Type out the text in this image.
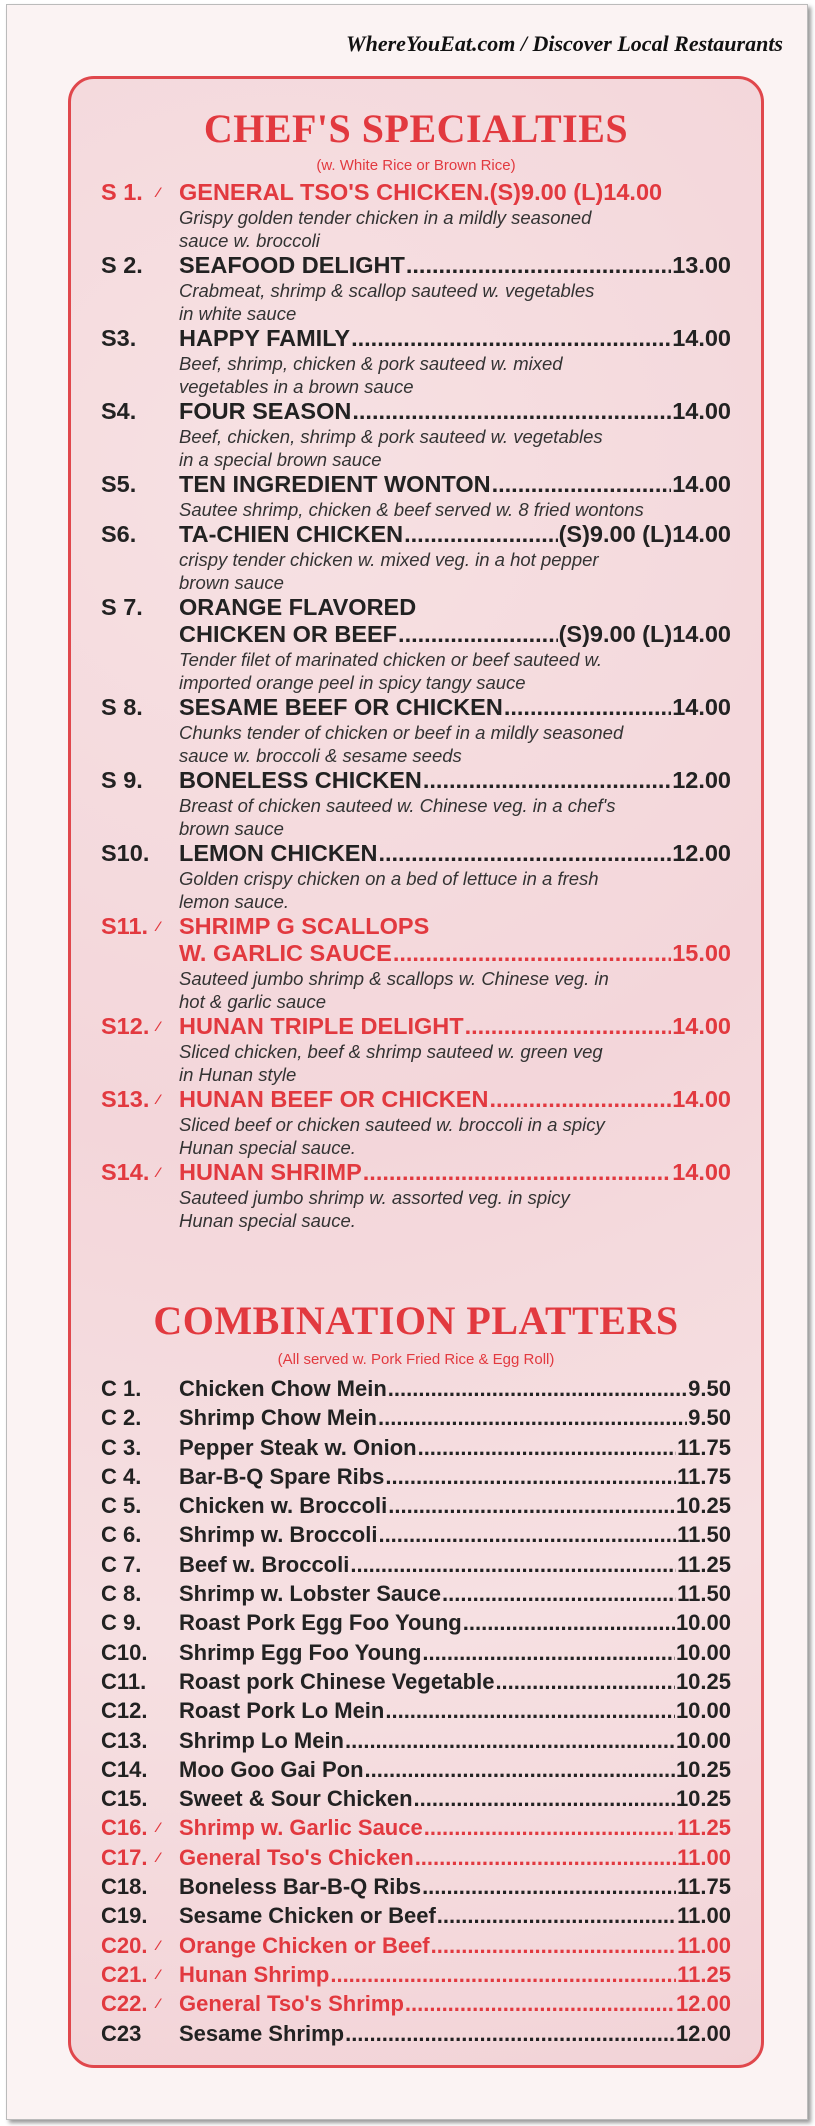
WhereYouEat.com / Discover Local Restaurants
CHEF'S SPECIALTIES
(w. White Rice or Brown Rice)
S 1. ⁄ GENERAL TSO'S CHICKEN.(S)9.00 (L)14.00
Grispy golden tender chicken in a mildly seasoned
sauce w. broccoli
S 2.	SEAFOOD DELIGHT .....	13.00
Crabmeat, shrimp & scallop sauteed w. vegetables
in white sauce
S3.	HAPPY FAMILY .....	14.00
Beef, shrimp, chicken & pork sauteed w. mixed
vegetables in a brown sauce
S4.	FOUR SEASON .....	14.00
Beef, chicken, shrimp & pork sauteed w. vegetables
in a special brown sauce
S5.	TEN INGREDIENT WONTON .....	14.00
Sautee shrimp, chicken & beef served w. 8 fried wontons
S6.	TA-CHIEN CHICKEN .....	(S)9.00 (L)14.00
crispy tender chicken w. mixed veg. in a hot pepper
brown sauce
S 7.	ORANGE FLAVORED
CHICKEN OR BEEF .....	(S)9.00 (L)14.00
Tender filet of marinated chicken or beef sauteed w.
imported orange peel in spicy tangy sauce
S 8.	SESAME BEEF OR CHICKEN .....	14.00
Chunks tender of chicken or beef in a mildly seasoned
sauce w. broccoli & sesame seeds
S 9.	BONELESS CHICKEN .....	12.00
Breast of chicken sauteed w. Chinese veg. in a chef's
brown sauce
S10.	LEMON CHICKEN .....	12.00
Golden crispy chicken on a bed of lettuce in a fresh
lemon sauce.
S11. ⁄ SHRIMP G SCALLOPS
W. GARLIC SAUCE .....	15.00
Sauteed jumbo shrimp & scallops w. Chinese veg. in
hot & garlic sauce
S12. ⁄ HUNAN TRIPLE DELIGHT .....	14.00
Sliced chicken, beef & shrimp sauteed w. green veg
in Hunan style
S13. ⁄ HUNAN BEEF OR CHICKEN .....	14.00
Sliced beef or chicken sauteed w. broccoli in a spicy
Hunan special sauce.
S14. ⁄ HUNAN SHRIMP .....	14.00
Sauteed jumbo shrimp w. assorted veg. in spicy
Hunan special sauce.
COMBINATION PLATTERS
(All served w. Pork Fried Rice & Egg Roll)
C 1.	Chicken Chow Mein .....	9.50
C 2.	Shrimp Chow Mein .....	9.50
C 3.	Pepper Steak w. Onion .....	11.75
C 4.	Bar-B-Q Spare Ribs .....	11.75
C 5.	Chicken w. Broccoli .....	10.25
C 6.	Shrimp w. Broccoli .....	11.50
C 7.	Beef w. Broccoli .....	11.25
C 8.	Shrimp w. Lobster Sauce .....	11.50
C 9.	Roast Pork Egg Foo Young .....	10.00
C10.	Shrimp Egg Foo Young .....	10.00
C11.	Roast pork Chinese Vegetable .....	10.25
C12.	Roast Pork Lo Mein .....	10.00
C13.	Shrimp Lo Mein .....	10.00
C14.	Moo Goo Gai Pon .....	10.25
C15.	Sweet & Sour Chicken .....	10.25
C16. ⁄ Shrimp w. Garlic Sauce .....	11.25
C17. ⁄ General Tso's Chicken .....	11.00
C18.	Boneless Bar-B-Q Ribs .....	11.75
C19.	Sesame Chicken or Beef .....	11.00
C20. ⁄ Orange Chicken or Beef .....	11.00
C21. ⁄ Hunan Shrimp .....	11.25
C22. ⁄ General Tso's Shrimp .....	12.00
C23	Sesame Shrimp .....	12.00
